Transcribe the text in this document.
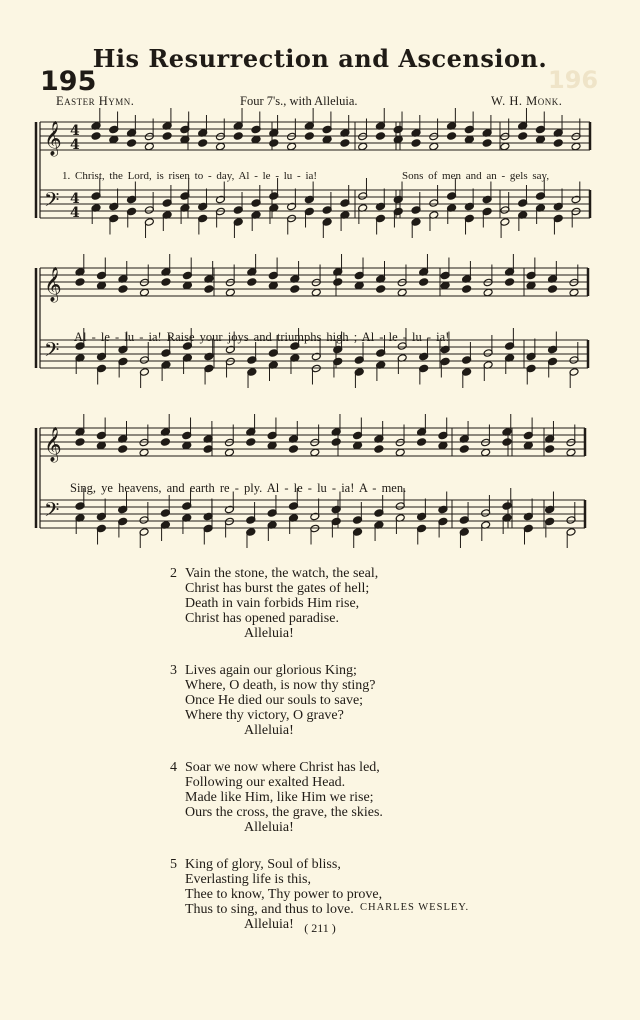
His Resurrection and Ascension.
195	196
Easter Hymn.	Four 7's., with Alleluia.	W. H. Monk.
𝄞
𝄢
4
4
4
4
𝄞
𝄢
𝄞
𝄢
1. Christ, the Lord, is risen to - day, Al - le - lu - ia!	Sons of men and an - gels say,
Al - le - lu - ia! Raise your joys and triumphs high ; Al - le - lu - ia!
Sing, ye heavens, and earth re - ply. Al - le - lu - ia! A - men.
2 Vain the stone, the watch, the seal,
Christ has burst the gates of hell;
Death in vain forbids Him rise,
Christ has opened paradise.
Alleluia!
3 Lives again our glorious King;
Where, O death, is now thy sting?
Once He died our souls to save;
Where thy victory, O grave?
Alleluia!
4 Soar we now where Christ has led,
Following our exalted Head.
Made like Him, like Him we rise;
Ours the cross, the grave, the skies.
Alleluia!
5 King of glory, Soul of bliss,
Everlasting life is this,
Thee to know, Thy power to prove,
Thus to sing, and thus to love.
Alleluia!
CHARLES WESLEY.
( 211 )
